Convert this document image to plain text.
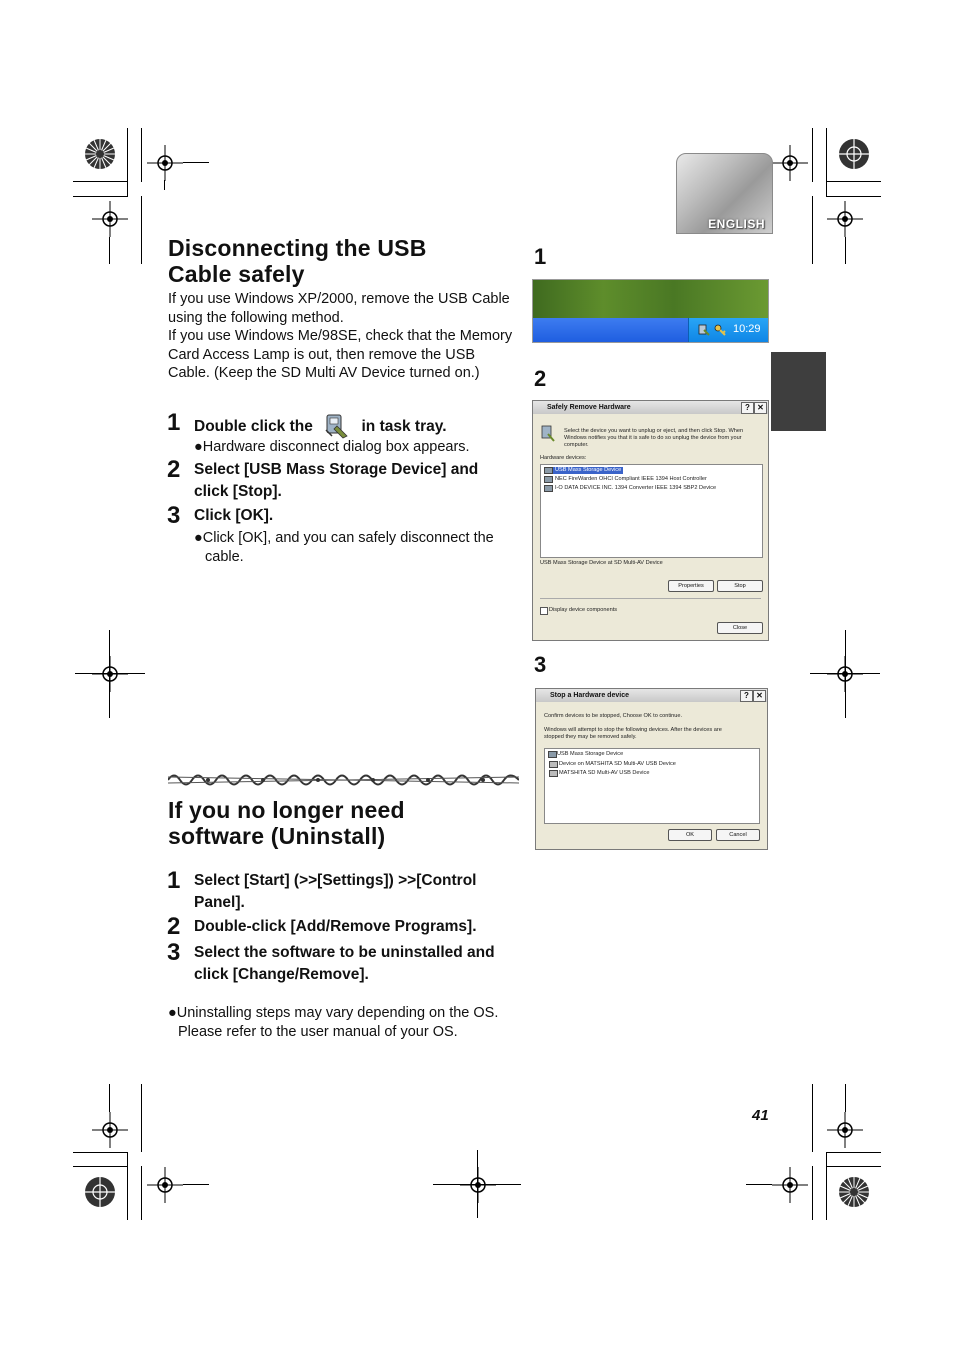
ENGLISH
Disconnecting the USB
Cable safely
If you use Windows XP/2000, remove the USB Cable
using the following method.
If you use Windows Me/98SE, check that the Memory
Card Access Lamp is out, then remove the USB
Cable. (Keep the SD Multi AV Device turned on.)
1 Double click the	in task tray.
●Hardware disconnect dialog box appears.
2 Select [USB Mass Storage Device] and
click [Stop].
3 Click [OK].
●Click [OK], and you can safely disconnect the
cable.
If you no longer need
software (Uninstall)
1 Select [Start] (>>[Settings]) >>[Control
Panel].
2 Double-click [Add/Remove Programs].
3 Select the software to be uninstalled and
click [Change/Remove].
●Uninstalling steps may vary depending on the OS.
Please refer to the user manual of your OS.
1
10:29
2
Safely Remove Hardware	? ✕
Select the device you want to unplug or eject, and then click Stop. When
Windows notifies you that it is safe to do so unplug the device from your
computer.
Hardware devices:
USB Mass Storage Device
NEC FireWarden OHCI Compliant IEEE 1394 Host Controller
I-O DATA DEVICE INC. 1394 Converter IEEE 1394 SBP2 Device
USB Mass Storage Device at SD Multi-AV Device
Properties	Stop
Display device components
Close
3
Stop a Hardware device	? ✕
Confirm devices to be stopped, Choose OK to continue.
Windows will attempt to stop the following devices. After the devices are
stopped they may be removed safely.
USB Mass Storage Device
Device on MATSHITA SD Multi-AV USB Device
MATSHITA SD Multi-AV USB Device
OK	Cancel
41
